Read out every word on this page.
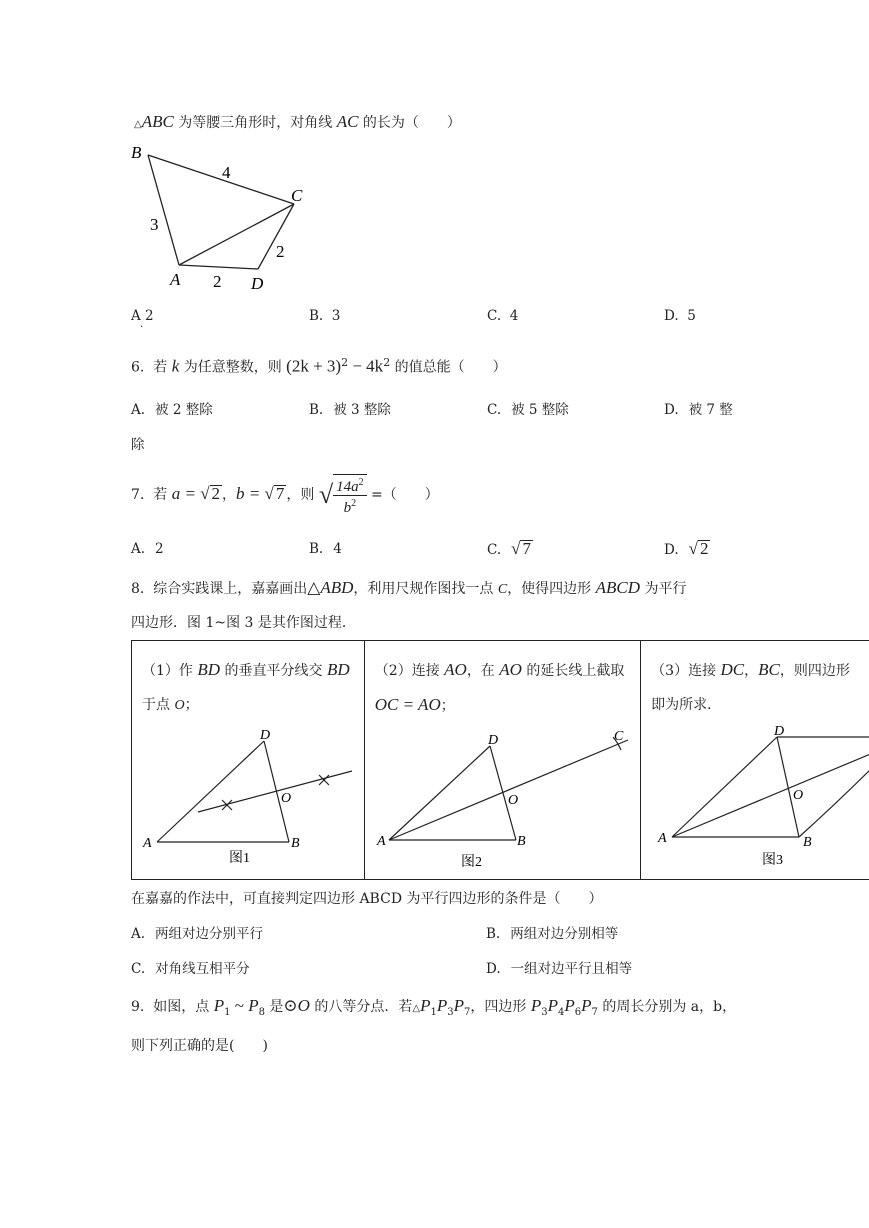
△ABC 为等腰三角形时，对角线 AC 的长为（　　）
B
C
A	D
3
4
2
2
A 2
·
B.  3	C.  4	D.  5
6. 若 k 为任意整数，则 $(2k + 3)^2 - 4k^2$ 的值总能（　　）
A. 被 2 整除	B. 被 3 整除	C. 被 5 整除	D. 被 7 整
除
7. 若 a = √ 2 ，b = √ 7 ，则 √ $\frac{14a^2}{b^2}$ =（　　）
A. 2	B. 4	C. √ 7	D. √ 2
8. 综合实践课上，嘉嘉画出△ABD，利用尺规作图找一点 C，使得四边形 ABCD 为平行
四边形．图 1~图 3 是其作图过程．
（1）作 BD 的垂直平分线交 BD
于点 O；

（2）连接 AO，在 AO 的延长线上截取
OC = AO；

（3）连接 DC，BC，则四边形
即为所求．
A	B
D
O
图1
A	B
D
O
C
图2
A	B
D
O
图3
在嘉嘉的作法中，可直接判定四边形 ABCD 为平行四边形的条件是（　　）
A. 两组对边分别平行	B. 两组对边分别相等
C. 对角线互相平分	D. 一组对边平行且相等
9. 如图，点 $P_1$ ~ $P_8$ 是⊙O 的八等分点．若$\triangle P_1P_3P_7$，四边形 $P_3P_4P_6P_7$ 的周长分别为 a，b，
则下列正确的是(　　)
